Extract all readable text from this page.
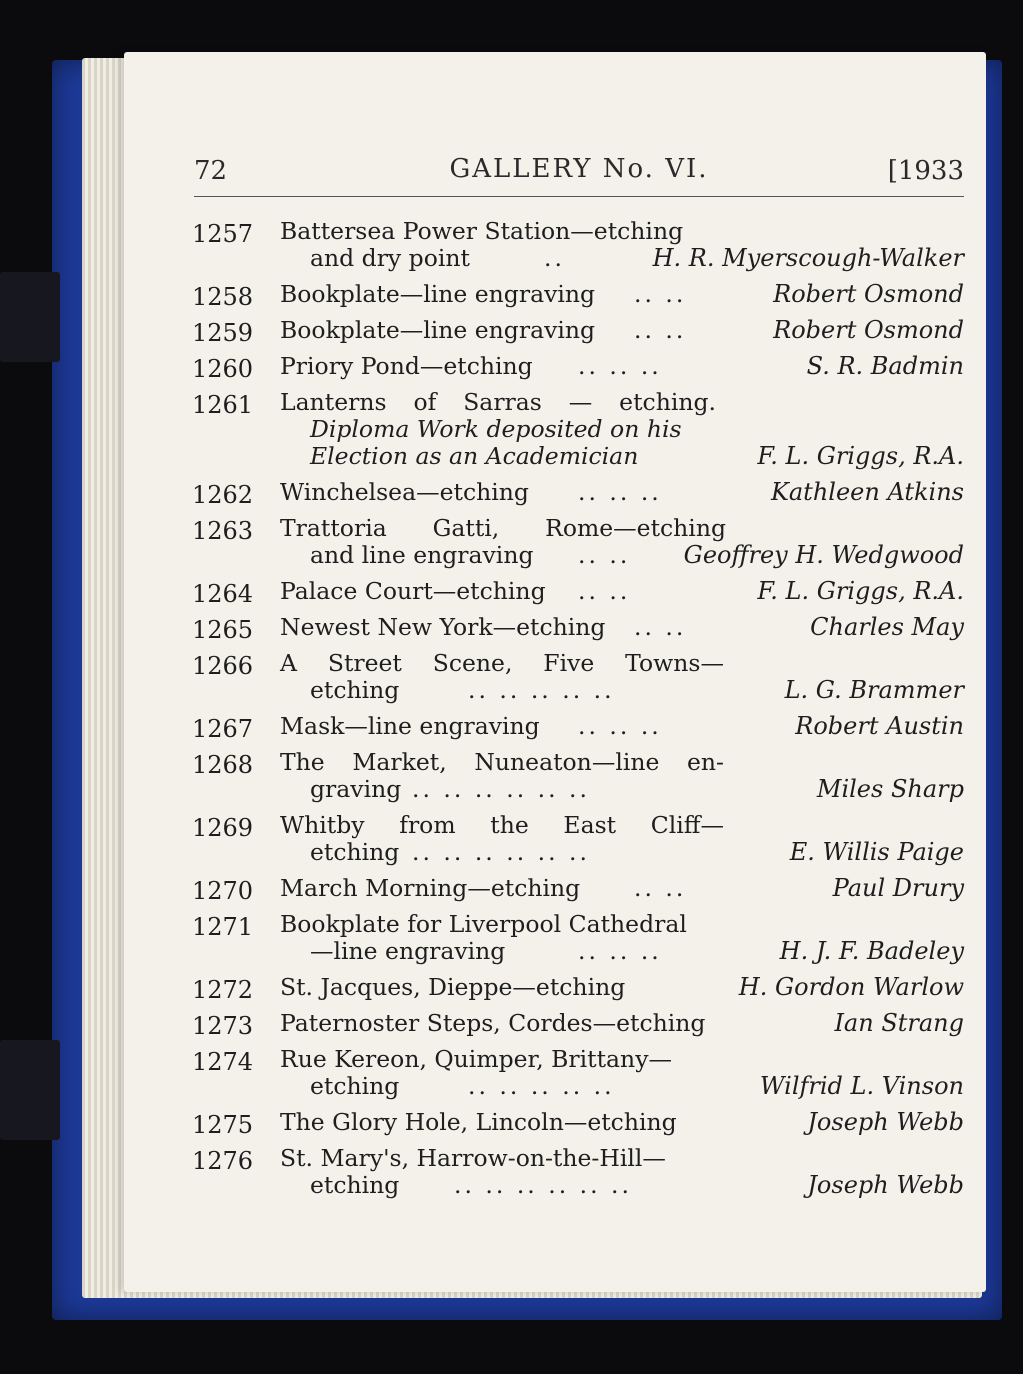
72	GALLERY No. VI.	[1933
1257 Battersea Power Station—etching
and dry point	..	H. R. Myerscough-Walker
1258 Bookplate—line engraving	.. ..	Robert Osmond
1259 Bookplate—line engraving	.. ..	Robert Osmond
1260 Priory Pond—etching	.. .. ..	S. R. Badmin
1261 Lanterns of Sarras — etching.
Diploma Work deposited on his
Election as an Academician	F. L. Griggs, R.A.
1262 Winchelsea—etching	.. .. ..	Kathleen Atkins
1263 Trattoria Gatti, Rome—etching
and line engraving	.. .. Geoffrey H. Wedgwood
1264 Palace Court—etching	.. ..	F. L. Griggs, R.A.
1265 Newest New York—etching	.. ..	Charles May
1266 A Street Scene, Five Towns—
etching	.. .. .. .. ..	L. G. Brammer
1267 Mask—line engraving	.. .. ..	Robert Austin
1268 The Market, Nuneaton—line en-
graving .. .. .. .. .. ..	Miles Sharp
1269 Whitby from the East Cliff—
etching .. .. .. .. .. ..	E. Willis Paige
1270 March Morning—etching	.. ..	Paul Drury
1271 Bookplate for Liverpool Cathedral
—line engraving	.. .. ..	H. J. F. Badeley
1272 St. Jacques, Dieppe—etching	H. Gordon Warlow
1273 Paternoster Steps, Cordes—etching	Ian Strang
1274 Rue Kereon, Quimper, Brittany—
etching	.. .. .. .. ..	Wilfrid L. Vinson
1275 The Glory Hole, Lincoln—etching	Joseph Webb
1276 St. Mary's, Harrow-on-the-Hill—
etching	.. .. .. .. .. ..	Joseph Webb
